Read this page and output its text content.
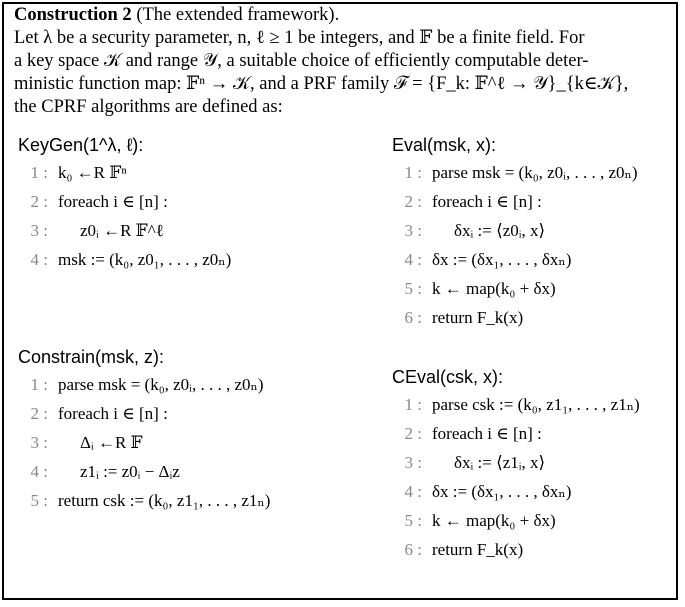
Construction 2 (The extended framework).

Let λ be a security parameter, n, ℓ ≥ 1 be integers, and 𝔽 be a finite field. For

a key space 𝒦 and range 𝒴, a suitable choice of efficiently computable deter-

ministic function map: 𝔽ⁿ → 𝒦, and a PRF family ℱ = {F_k: 𝔽^ℓ → 𝒴}_{k∈𝒦},

the CPRF algorithms are defined as:

KeyGen(1^λ, ℓ):
1 : k₀ ←R 𝔽ⁿ
2 : foreach i ∈ [n] :
3 :	z0ᵢ ←R 𝔽^ℓ
4 : msk := (k₀, z0₁, . . . , z0ₙ)
Eval(msk, x):
1 : parse msk = (k₀, z0ᵢ, . . . , z0ₙ)
2 : foreach i ∈ [n] :
3 :	δxᵢ := ⟨z0ᵢ, x⟩
4 : δx := (δx₁, . . . , δxₙ)
5 : k ← map(k₀ + δx)
6 : return F_k(x)
Constrain(msk, z):
1 : parse msk = (k₀, z0ᵢ, . . . , z0ₙ)
2 : foreach i ∈ [n] :
3 :	Δᵢ ←R 𝔽
4 :	z1ᵢ := z0ᵢ − Δᵢz
5 : return csk := (k₀, z1₁, . . . , z1ₙ)
CEval(csk, x):
1 : parse csk := (k₀, z1₁, . . . , z1ₙ)
2 : foreach i ∈ [n] :
3 :	δxᵢ := ⟨z1ᵢ, x⟩
4 : δx := (δx₁, . . . , δxₙ)
5 : k ← map(k₀ + δx)
6 : return F_k(x)
